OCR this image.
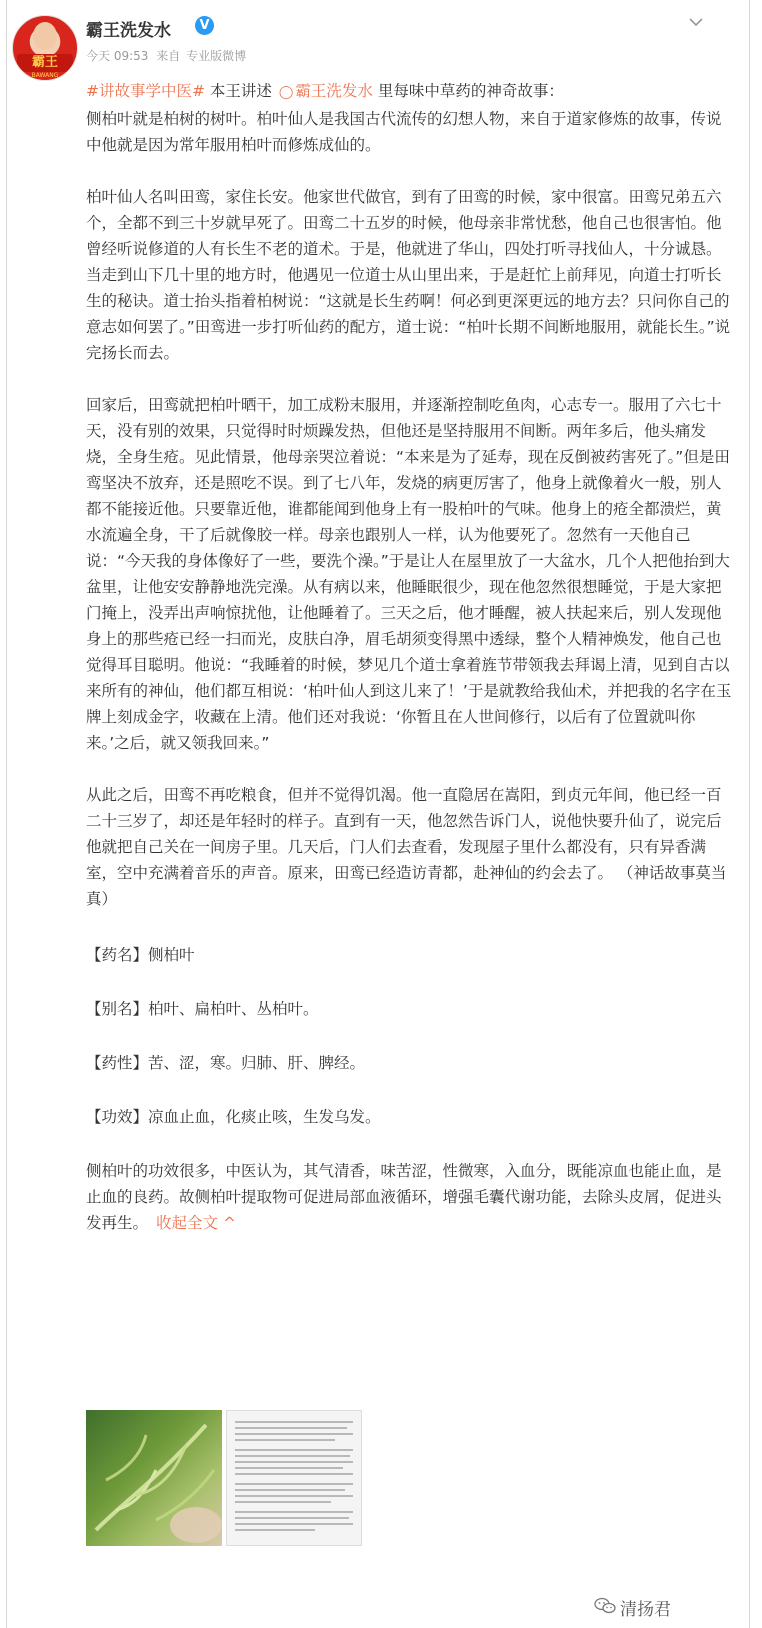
霸王
BAWANG
霸王洗发水	V
今天 09:53 来自 专业版微博
#讲故事学中医# 本王讲述 ◯ 霸王洗发水 里每味中草药的神奇故事：
侧柏叶就是柏树的树叶。柏叶仙人是我国古代流传的幻想人物，来自于道家修炼的故事，传说中他就是因为常年服用柏叶而修炼成仙的。
柏叶仙人名叫田鸾，家住长安。他家世代做官，到有了田鸾的时候，家中很富。田鸾兄弟五六个，全都不到三十岁就早死了。田鸾二十五岁的时候，他母亲非常忧愁，他自己也很害怕。他曾经听说修道的人有长生不老的道术。于是，他就进了华山，四处打听寻找仙人，十分诚恳。当走到山下几十里的地方时，他遇见一位道士从山里出来，于是赶忙上前拜见，向道士打听长生的秘诀。道士抬头指着柏树说：“这就是长生药啊！何必到更深更远的地方去？只问你自己的意志如何罢了。”田鸾进一步打听仙药的配方，道士说：“柏叶长期不间断地服用，就能长生。”说完扬长而去。
回家后，田鸾就把柏叶晒干，加工成粉末服用，并逐渐控制吃鱼肉，心志专一。服用了六七十天，没有别的效果，只觉得时时烦躁发热，但他还是坚持服用不间断。两年多后，他头痛发烧，全身生疮。见此情景，他母亲哭泣着说：“本来是为了延寿，现在反倒被药害死了。”但是田鸾坚决不放弃，还是照吃不误。到了七八年，发烧的病更厉害了，他身上就像着火一般，别人都不能接近他。只要靠近他，谁都能闻到他身上有一股柏叶的气味。他身上的疮全都溃烂，黄水流遍全身，干了后就像胶一样。母亲也跟别人一样，认为他要死了。忽然有一天他自己说：“今天我的身体像好了一些，要洗个澡。”于是让人在屋里放了一大盆水，几个人把他抬到大盆里，让他安安静静地洗完澡。从有病以来，他睡眠很少，现在他忽然很想睡觉，于是大家把门掩上，没弄出声响惊扰他，让他睡着了。三天之后，他才睡醒，被人扶起来后，别人发现他身上的那些疮已经一扫而光，皮肤白净，眉毛胡须变得黑中透绿，整个人精神焕发，他自己也觉得耳目聪明。他说：“我睡着的时候，梦见几个道士拿着旌节带领我去拜谒上清，见到自古以来所有的神仙，他们都互相说：‘柏叶仙人到这儿来了！’于是就教给我仙术，并把我的名字在玉牌上刻成金字，收藏在上清。他们还对我说：‘你暂且在人世间修行，以后有了位置就叫你来。’之后，就又领我回来。”
从此之后，田鸾不再吃粮食，但并不觉得饥渴。他一直隐居在嵩阳，到贞元年间，他已经一百二十三岁了，却还是年轻时的样子。直到有一天，他忽然告诉门人，说他快要升仙了，说完后他就把自己关在一间房子里。几天后，门人们去查看，发现屋子里什么都没有，只有异香满室，空中充满着音乐的声音。原来，田鸾已经造访青都，赴神仙的约会去了。 （神话故事莫当真）
【药名】侧柏叶
【别名】柏叶、扁柏叶、丛柏叶。
【药性】苦、涩，寒。归肺、肝、脾经。
【功效】凉血止血，化痰止咳，生发乌发。
侧柏叶的功效很多，中医认为，其气清香，味苦涩，性微寒，入血分，既能凉血也能止血，是止血的良药。故侧柏叶提取物可促进局部血液循环，增强毛囊代谢功能，去除头皮屑，促进头发再生。 收起全文 ^
清扬君
